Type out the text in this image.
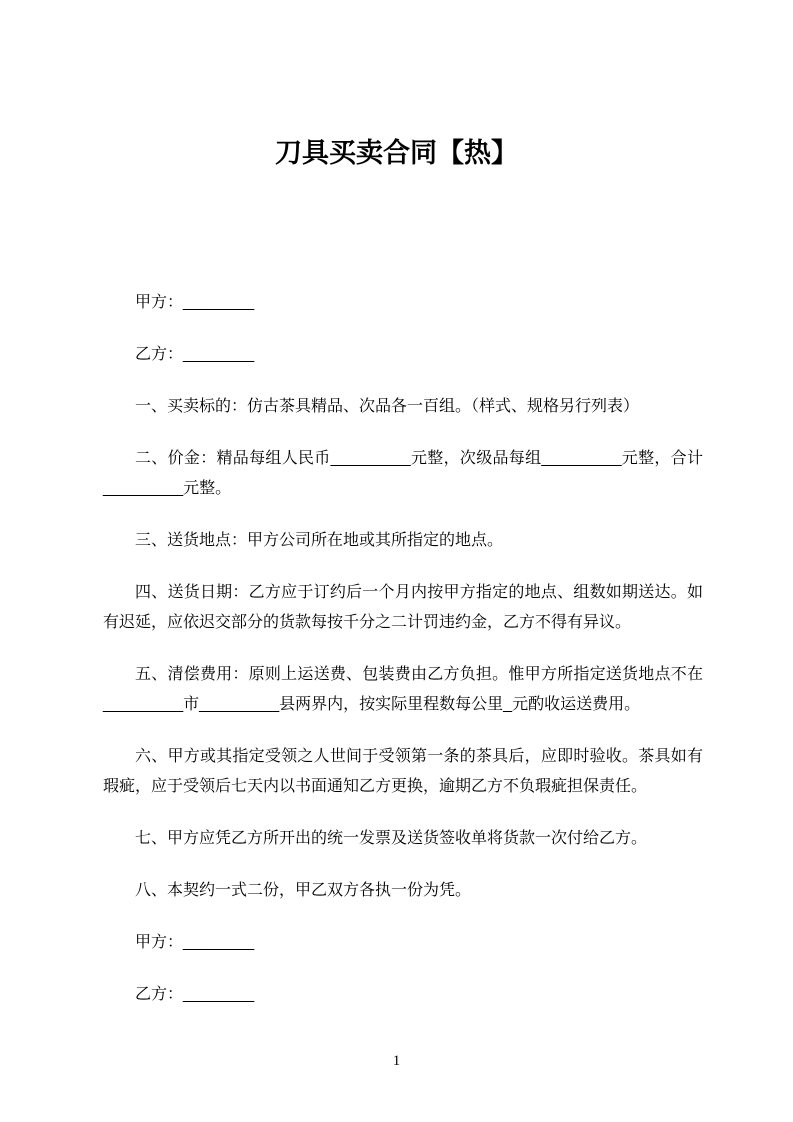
刀具买卖合同【热】

甲方：________

乙方：________

一、买卖标的：仿古茶具精品、次品各一百组。（样式、规格另行列表）

二、价金：精品每组人民币_________元整，次级品每组_________元整，合计_________元整。

三、送货地点：甲方公司所在地或其所指定的地点。

四、送货日期：乙方应于订约后一个月内按甲方指定的地点、组数如期送达。如有迟延，应依迟交部分的货款每按千分之二计罚违约金，乙方不得有异议。

五、清偿费用：原则上运送费、包装费由乙方负担。惟甲方所指定送货地点不在_________市_________县两界内，按实际里程数每公里_元酌收运送费用。

六、甲方或其指定受领之人世间于受领第一条的茶具后，应即时验收。茶具如有瑕疵，应于受领后七天内以书面通知乙方更换，逾期乙方不负瑕疵担保责任。

七、甲方应凭乙方所开出的统一发票及送货签收单将货款一次付给乙方。

八、本契约一式二份，甲乙双方各执一份为凭。

甲方：________

乙方：________

1
